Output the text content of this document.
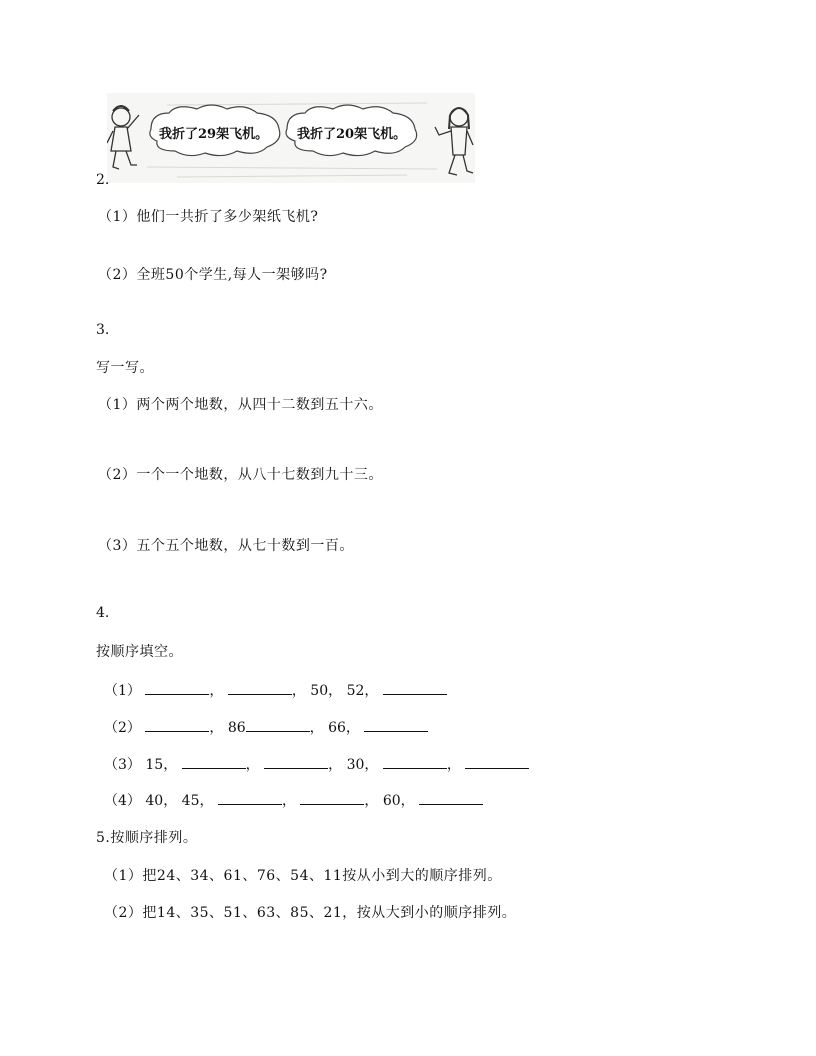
我折了29架飞机。 我折了20架飞机。
2.
（1）他们一共折了多少架纸飞机?
（2）全班50个学生,每人一架够吗?
3.
写一写。
（1）两个两个地数，从四十二数到五十六。
（2）一个一个地数，从八十七数到九十三。
（3）五个五个地数，从七十数到一百。
4.
按顺序填空。
（1）	，	， 50， 52，
（2）	， 86	， 66，
（3） 15，	，	， 30，	，
（4） 40， 45，	，	， 60，
5.按顺序排列。
（1）把24、34、61、76、54、11按从小到大的顺序排列。
（2）把14、35、51、63、85、21，按从大到小的顺序排列。
